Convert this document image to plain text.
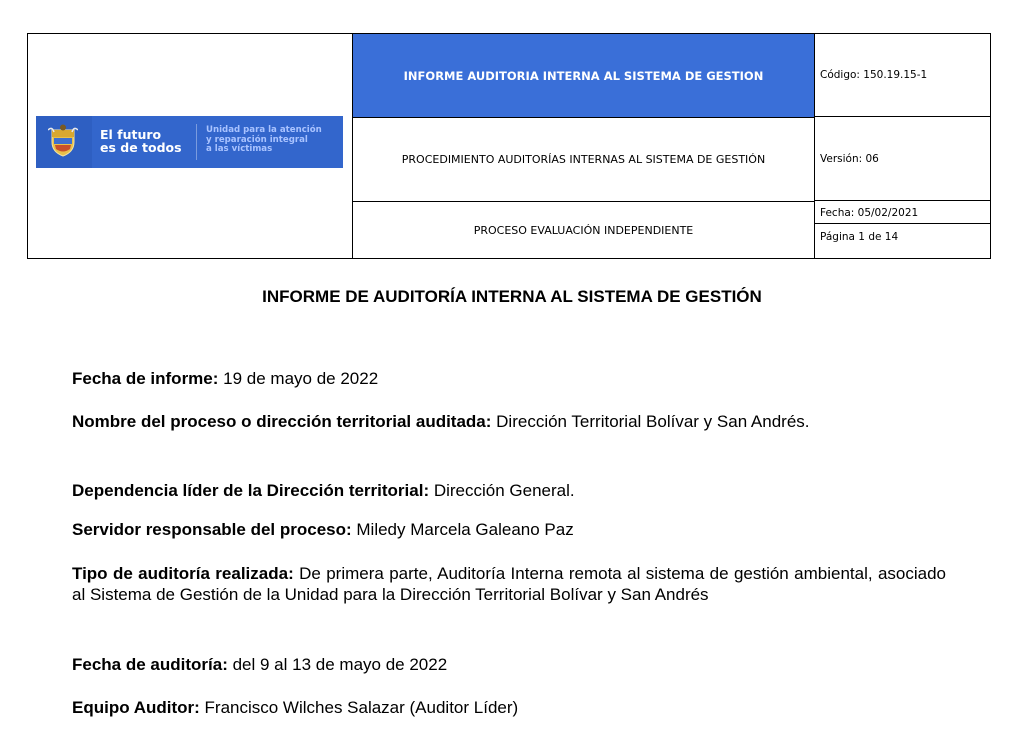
El futuro
es de todos
Unidad para la atención
y reparación integral
a las víctimas
INFORME AUDITORIA INTERNA AL SISTEMA DE GESTION
PROCEDIMIENTO AUDITORÍAS INTERNAS AL SISTEMA DE GESTIÓN
PROCESO EVALUACIÓN INDEPENDIENTE
Código: 150.19.15-1
Versión: 06
Fecha: 05/02/2021
Página 1 de 14
INFORME DE AUDITORÍA INTERNA AL SISTEMA DE GESTIÓN
Fecha de informe: 19 de mayo de 2022
Nombre del proceso o dirección territorial auditada: Dirección Territorial Bolívar y San Andrés.
Dependencia líder de la Dirección territorial: Dirección General.
Servidor responsable del proceso: Miledy Marcela Galeano Paz
Tipo de auditoría realizada: De primera parte, Auditoría Interna remota al sistema de gestión ambiental, asociado al Sistema de Gestión de la Unidad para la Dirección Territorial Bolívar y San Andrés
Fecha de auditoría: del 9 al 13 de mayo de 2022
Equipo Auditor: Francisco Wilches Salazar (Auditor Líder)
